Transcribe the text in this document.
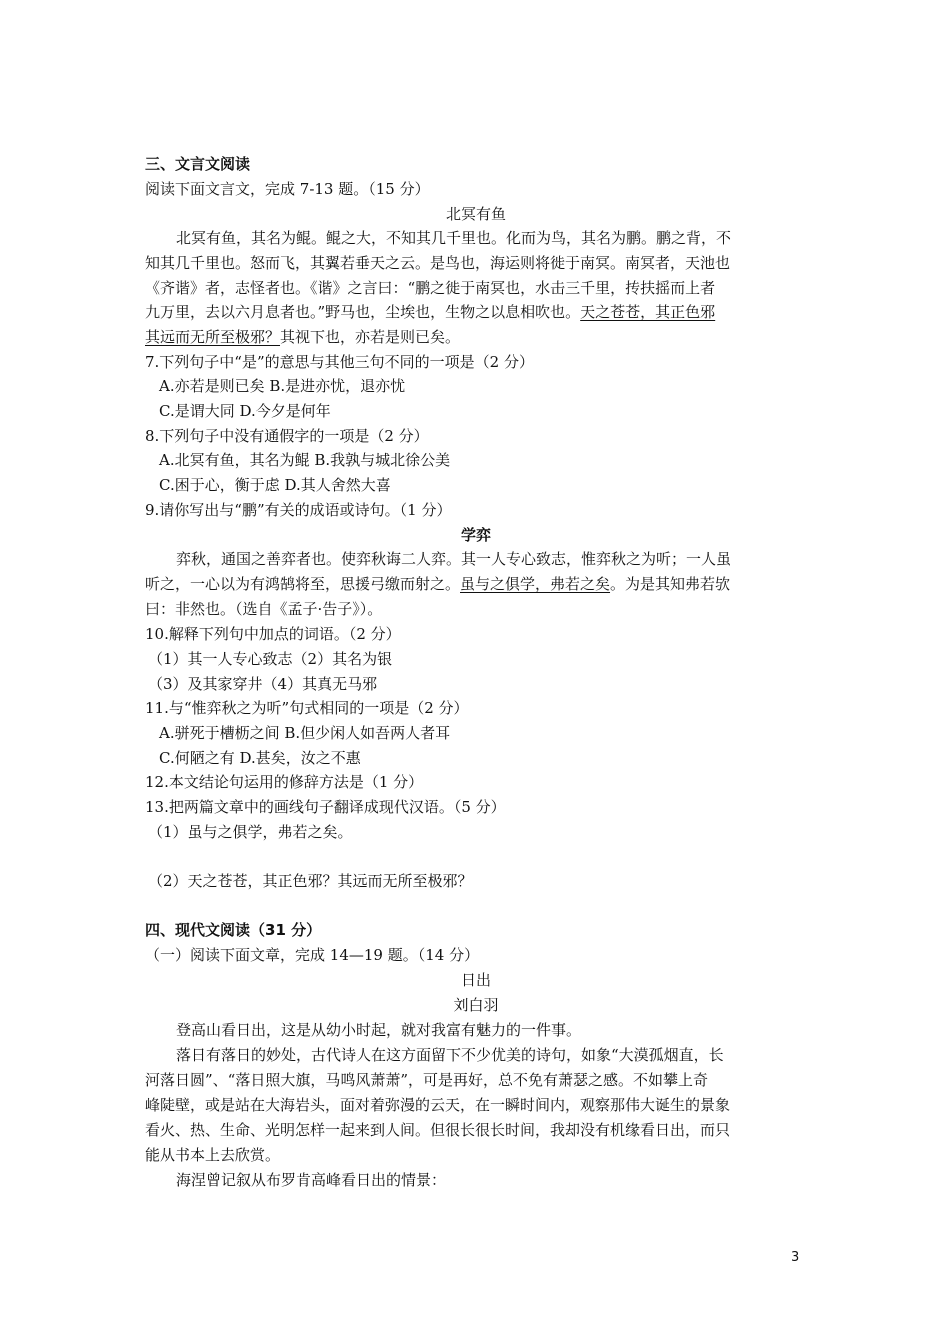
三、文言文阅读
阅读下面文言文，完成 7-13 题。（15 分）
北冥有鱼
北冥有鱼，其名为鲲。鲲之大，不知其几千里也。化而为鸟，其名为鹏。鹏之背，不
知其几千里也。怒而飞，其翼若垂天之云。是鸟也，海运则将徙于南冥。南冥者，天池也
《齐谐》者，志怪者也。《谐》之言曰：“鹏之徙于南冥也，水击三千里，抟扶摇而上者
九万里，去以六月息者也。”野马也，尘埃也，生物之以息相吹也。天之苍苍，其正色邪
其远而无所至极邪？其视下也，亦若是则已矣。
7.下列句子中“是”的意思与其他三句不同的一项是（2 分）
A.亦若是则已矣 B.是进亦忧，退亦忧
C.是谓大同 D.今夕是何年
8.下列句子中没有通假字的一项是（2 分）
A.北冥有鱼，其名为鲲 B.我孰与城北徐公美
C.困于心，衡于虑 D.其人舍然大喜
9.请你写出与“鹏”有关的成语或诗句。（1 分）
学弈
弈秋，通国之善弈者也。使弈秋诲二人弈。其一人专心致志，惟弈秋之为听；一人虽
听之，一心以为有鸿鹄将至，思援弓缴而射之。虽与之俱学，弗若之矣。为是其知弗若欤
曰：非然也。（选自《孟子·告子》）。
10.解释下列句中加点的词语。（2 分）
（1）其一人专心致志（2）其名为银
（3）及其家穿井（4）其真无马邪
11.与“惟弈秋之为听”句式相同的一项是（2 分）
A.骈死于槽枥之间 B.但少闲人如吾两人者耳
C.何陋之有 D.甚矣，汝之不惠
12.本文结论句运用的修辞方法是（1 分）
13.把两篇文章中的画线句子翻译成现代汉语。（5 分）
（1）虽与之俱学，弗若之矣。
（2）天之苍苍，其正色邪？其远而无所至极邪？
四、现代文阅读（31 分）
（一）阅读下面文章，完成 14—19 题。（14 分）
日出
刘白羽
登高山看日出，这是从幼小时起，就对我富有魅力的一件事。
落日有落日的妙处，古代诗人在这方面留下不少优美的诗句，如象“大漠孤烟直，长
河落日圆”、“落日照大旗，马鸣风萧萧”，可是再好，总不免有萧瑟之感。不如攀上奇
峰陡壁，或是站在大海岩头，面对着弥漫的云天，在一瞬时间内，观察那伟大诞生的景象
看火、热、生命、光明怎样一起来到人间。但很长很长时间，我却没有机缘看日出，而只
能从书本上去欣赏。
海涅曾记叙从布罗肯高峰看日出的情景：
3
